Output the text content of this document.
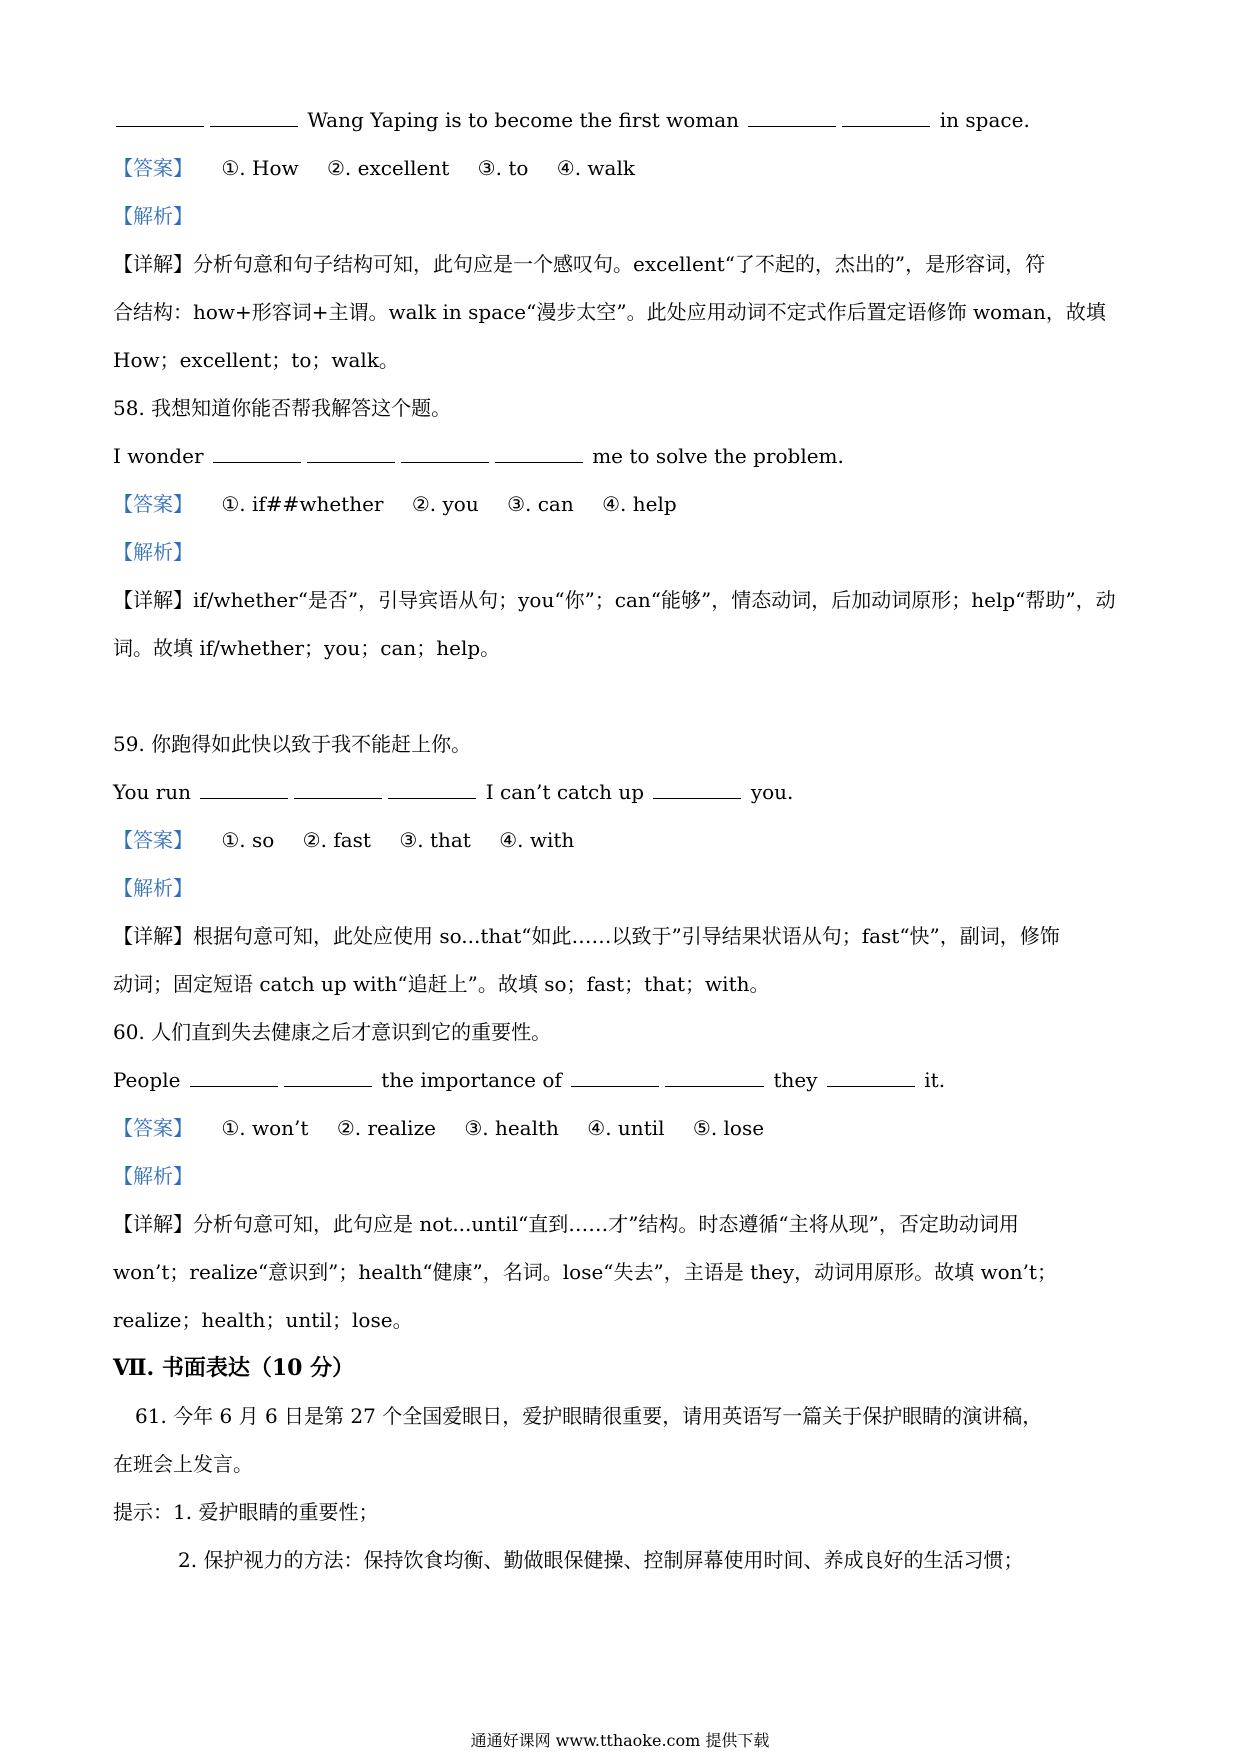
Wang Yaping is to become the first woman	in space.
【答案】 ①. How ②. excellent ③. to ④. walk
【解析】
【详解】分析句意和句子结构可知，此句应是一个感叹句。excellent“了不起的，杰出的”，是形容词，符
合结构：how+形容词+主谓。walk in space“漫步太空”。此处应用动词不定式作后置定语修饰 woman，故填
How；excellent；to；walk。
58. 我想知道你能否帮我解答这个题。
I wonder	me to solve the problem.
【答案】 ①. if##whether ②. you ③. can ④. help
【解析】
【详解】if/whether“是否”，引导宾语从句；you“你”；can“能够”，情态动词，后加动词原形；help“帮助”，动
词。故填 if/whether；you；can；help。
59. 你跑得如此快以致于我不能赶上你。
You run	I can’t catch up	you.
【答案】 ①. so ②. fast ③. that ④. with
【解析】
【详解】根据句意可知，此处应使用 so...that“如此……以致于”引导结果状语从句；fast“快”，副词，修饰
动词；固定短语 catch up with“追赶上”。故填 so；fast；that；with。
60. 人们直到失去健康之后才意识到它的重要性。
People	the importance of	they	it.
【答案】 ①. won’t ②. realize ③. health ④. until ⑤. lose
【解析】
【详解】分析句意可知，此句应是 not...until“直到……才”结构。时态遵循“主将从现”，否定助动词用
won’t；realize“意识到”；health“健康”，名词。lose“失去”，主语是 they，动词用原形。故填 won’t；
realize；health；until；lose。
Ⅶ. 书面表达（10 分）
61. 今年 6 月 6 日是第 27 个全国爱眼日，爱护眼睛很重要，请用英语写一篇关于保护眼睛的演讲稿，
在班会上发言。
提示：1. 爱护眼睛的重要性；
2. 保护视力的方法：保持饮食均衡、勤做眼保健操、控制屏幕使用时间、养成良好的生活习惯；
通通好课网 www.tthaoke.com 提供下载
